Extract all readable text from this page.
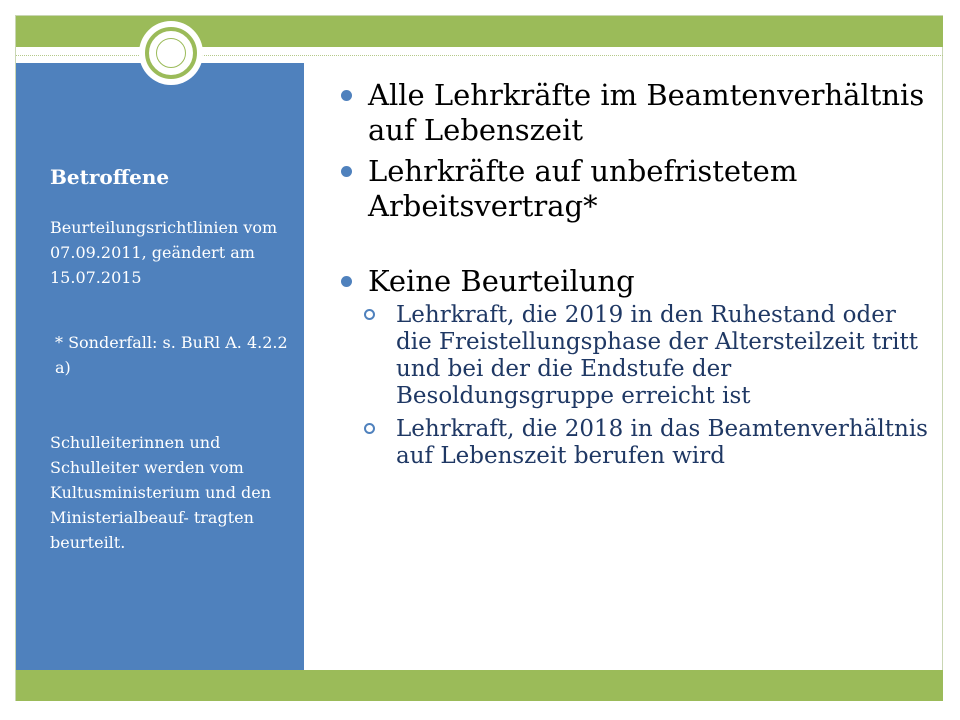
Betroffene
Beurteilungsrichtlinien vom 07.09.2011, geändert am 15.07.2015
* Sonderfall: s. BuRl A. 4.2.2 a)
Schulleiterinnen und Schulleiter werden vom Kultusministerium und den Ministerialbeauf- tragten beurteilt.
Alle Lehrkräfte im Beamtenverhältnis auf Lebenszeit
Lehrkräfte auf unbefristetem Arbeitsvertrag*
Keine Beurteilung
Lehrkraft, die 2019 in den Ruhestand oder die Freistellungsphase der Altersteilzeit tritt und bei der die Endstufe der Besoldungsgruppe erreicht ist
Lehrkraft, die 2018 in das Beamtenverhältnis auf Lebenszeit berufen wird
